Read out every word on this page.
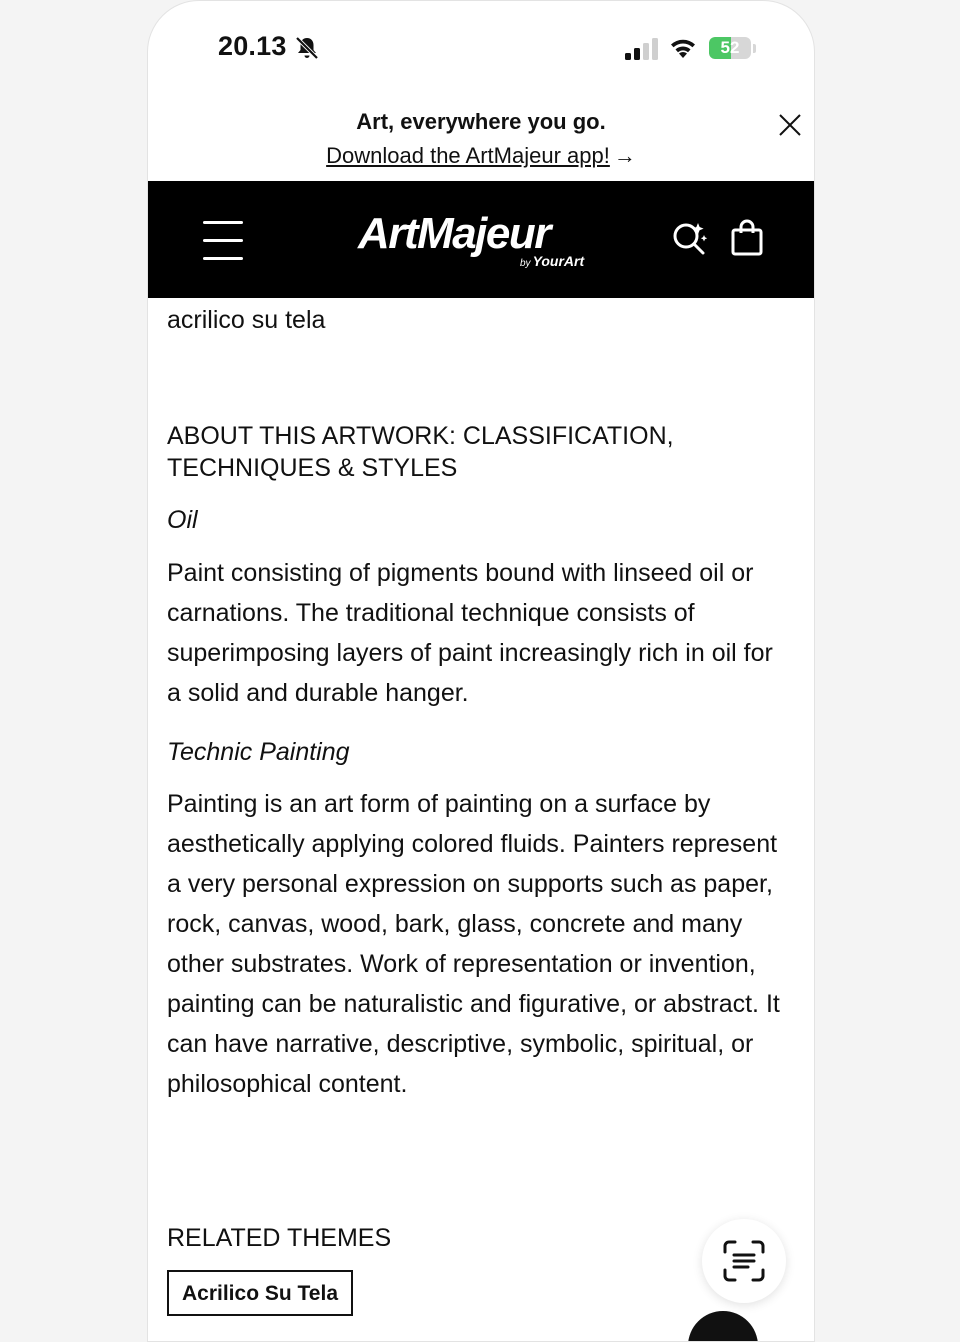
20.13	52
Art, everywhere you go.
Download the ArtMajeur app! →
ArtMajeur
by YourArt
acrilico su tela
ABOUT THIS ARTWORK: CLASSIFICATION, TECHNIQUES & STYLES
Oil
Paint consisting of pigments bound with linseed oil or carnations. The traditional technique consists of superimposing layers of paint increasingly rich in oil for a solid and durable hanger.
Technic Painting
Painting is an art form of painting on a surface by aesthetically applying colored fluids. Painters represent a very personal expression on supports such as paper, rock, canvas, wood, bark, glass, concrete and many other substrates. Work of representation or invention, painting can be naturalistic and figurative, or abstract. It can have narrative, descriptive, symbolic, spiritual, or philosophical content.
RELATED THEMES
Acrilico Su Tela
